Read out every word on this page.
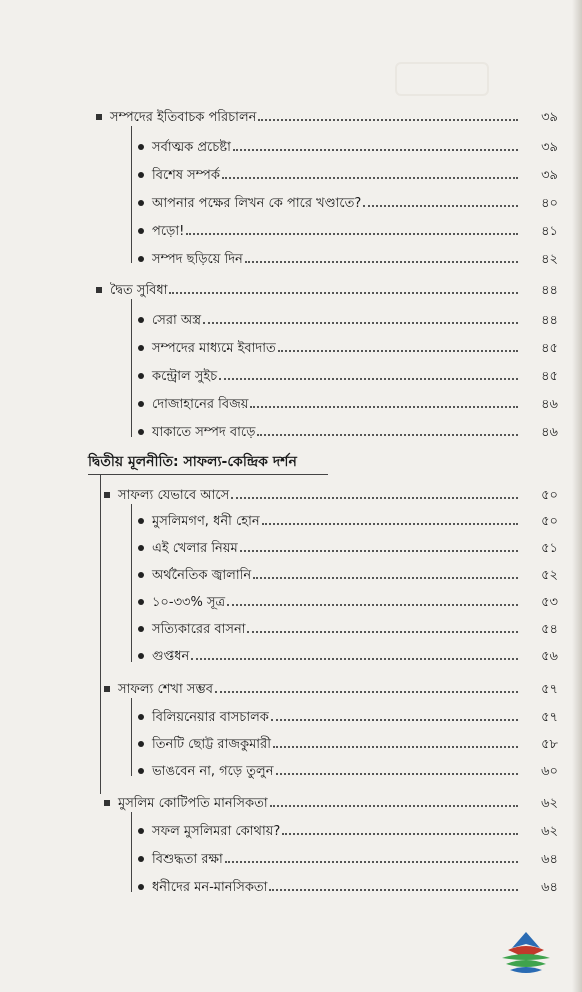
সম্পদের ইতিবাচক পরিচালন	৩৯
সর্বাত্মক প্রচেষ্টা	৩৯
বিশেষ সম্পর্ক	৩৯
আপনার পক্ষের লিখন কে পারে খণ্ডাতে?	৪০
পড়ো!	৪১
সম্পদ ছড়িয়ে দিন	৪২
দ্বৈত সুবিধা	৪৪
সেরা অস্ত্র	৪৪
সম্পদের মাধ্যমে ইবাদাত	৪৫
কন্ট্রোল সুইচ	৪৫
দোজাহানের বিজয়	৪৬
যাকাতে সম্পদ বাড়ে	৪৬
দ্বিতীয় মূলনীতি: সাফল্য-কেন্দ্রিক দর্শন
সাফল্য যেভাবে আসে	৫০
মুসলিমগণ, ধনী হোন	৫০
এই খেলার নিয়ম	৫১
অর্থনৈতিক জ্বালানি	৫২
১০-৩৩% সূত্র	৫৩
সত্যিকারের বাসনা	৫৪
গুপ্তধন	৫৬
সাফল্য শেখা সম্ভব	৫৭
বিলিয়নেয়ার বাসচালক	৫৭
তিনটি ছোট্ট রাজকুমারী	৫৮
ভাঙবেন না, গড়ে তুলুন	৬০
মুসলিম কোটিপতি মানসিকতা	৬২
সফল মুসলিমরা কোথায়?	৬২
বিশুদ্ধতা রক্ষা	৬৪
ধনীদের মন-মানসিকতা	৬৪
